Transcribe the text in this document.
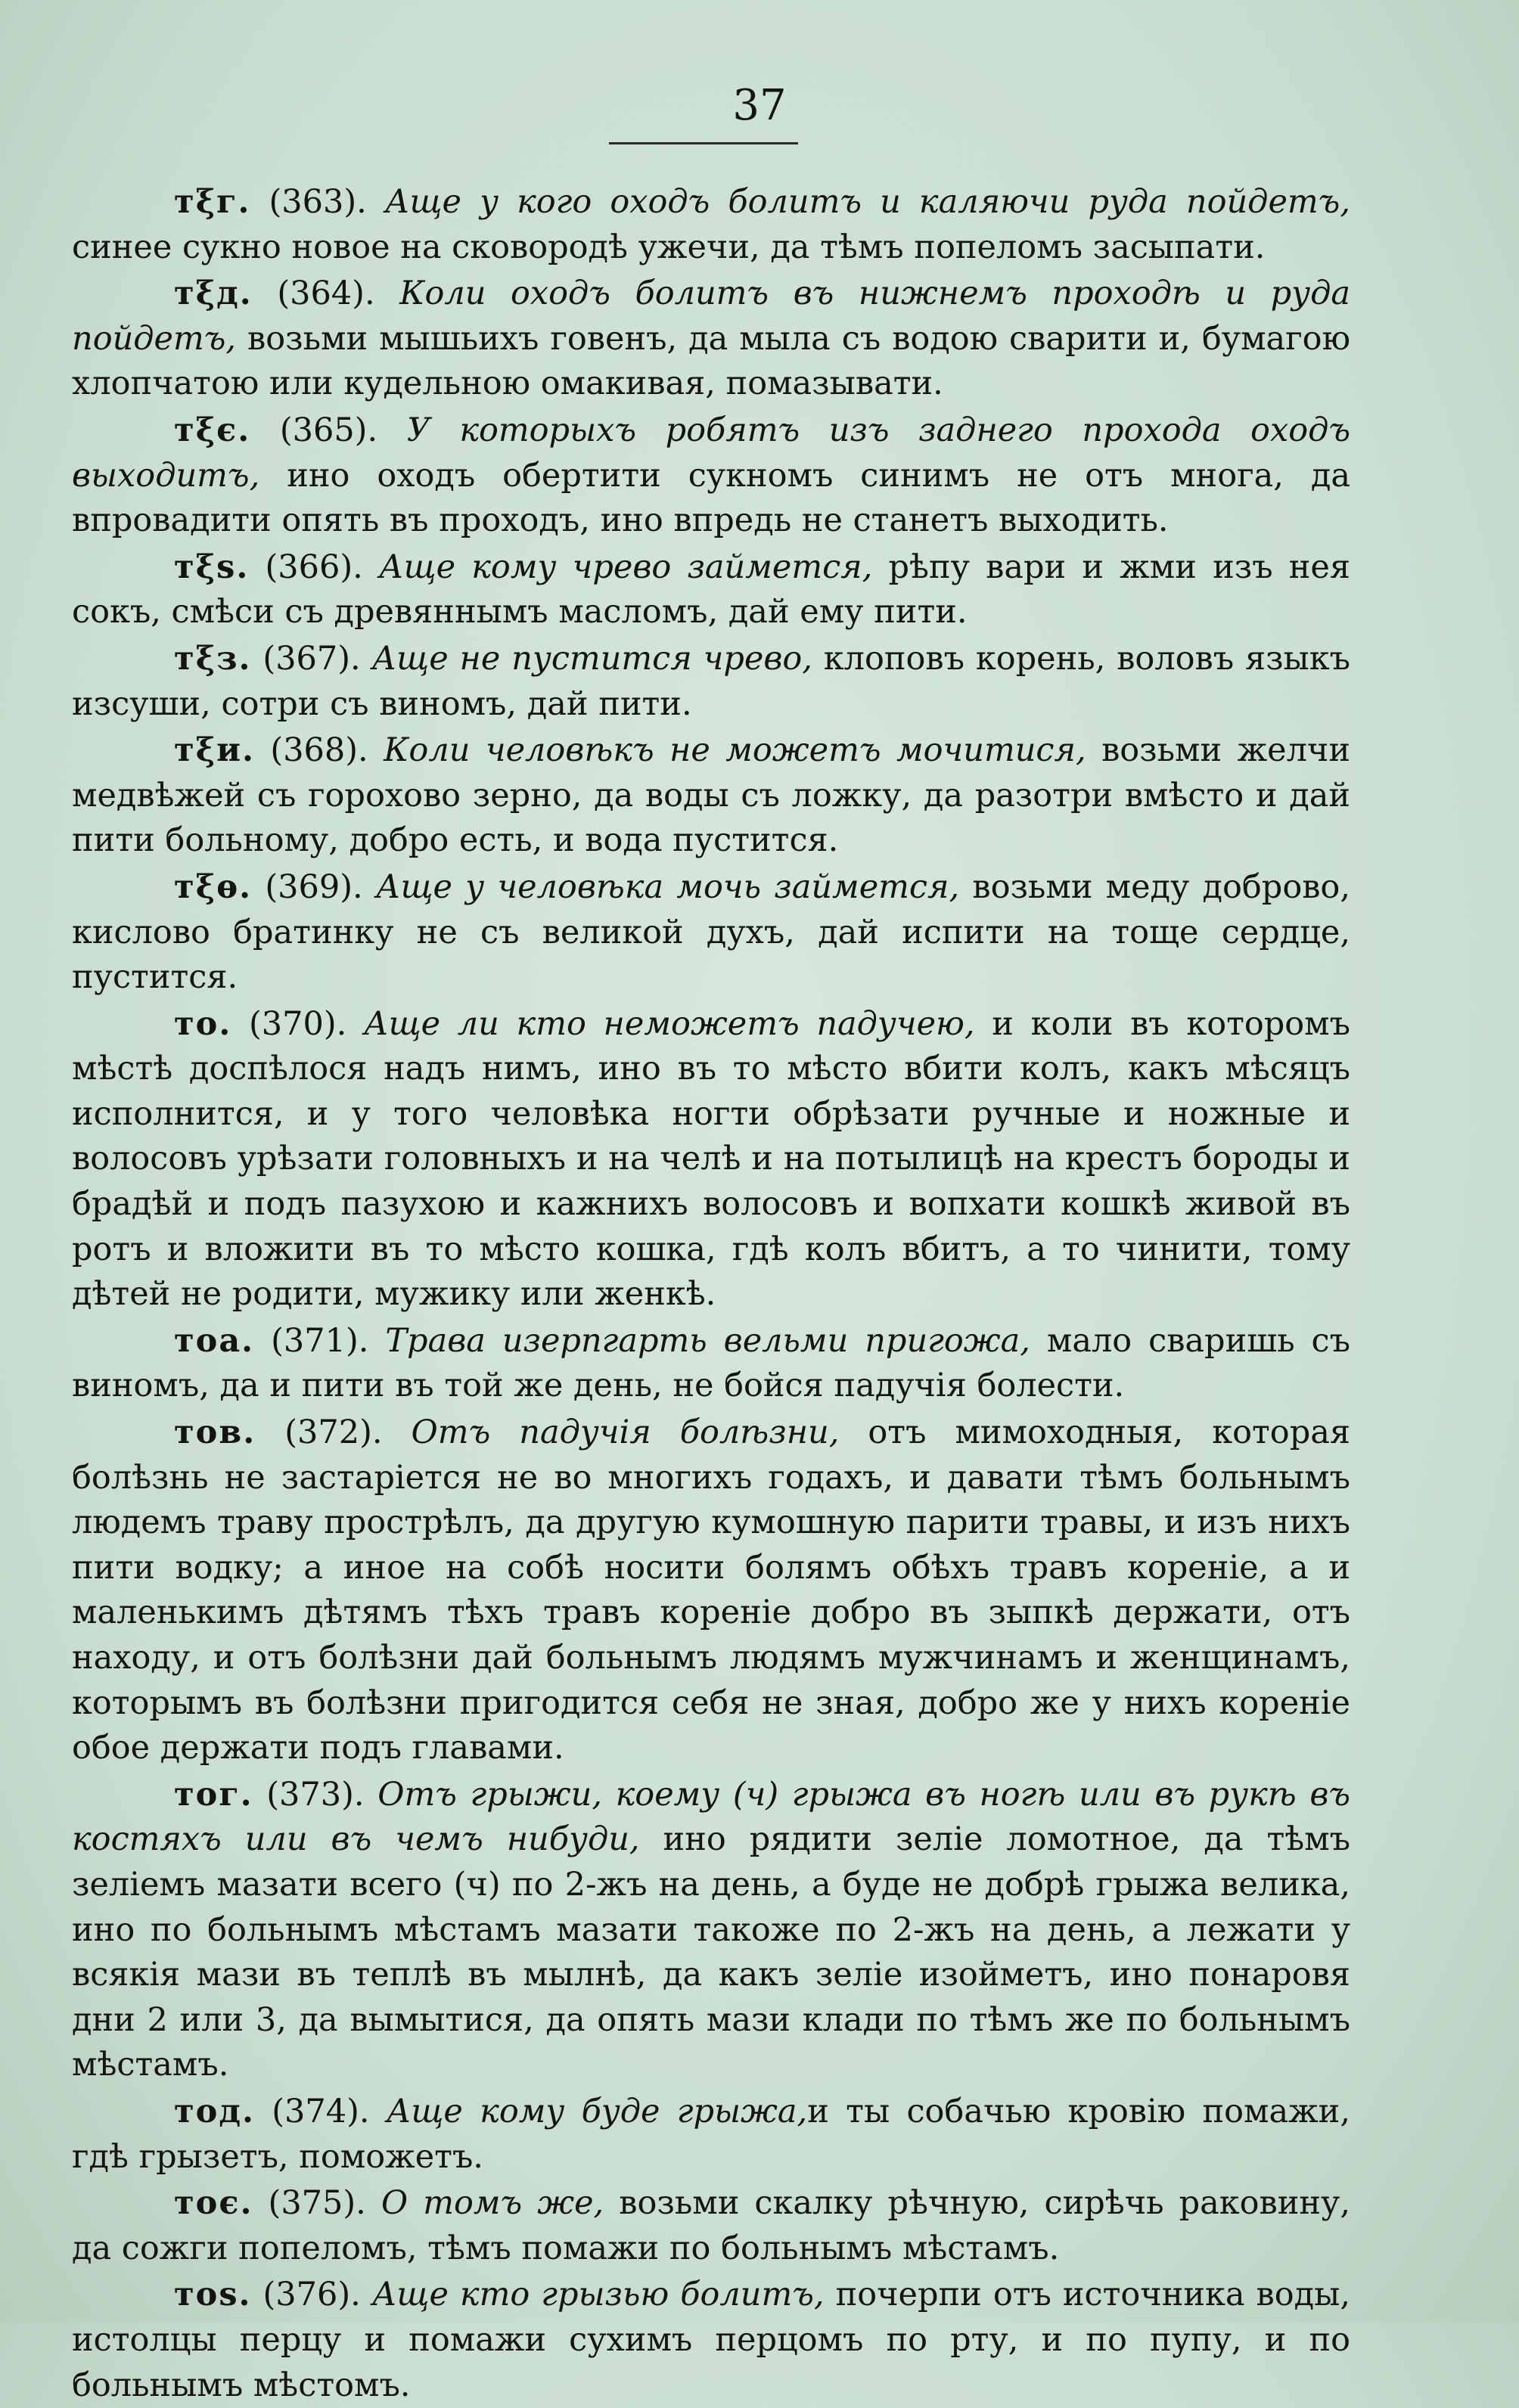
37

тξг. (363). Аще у кого оходъ болитъ и каляючи руда пойдетъ, синее сукно новое на сковородѣ ужечи, да тѣмъ попеломъ засыпати.

тξд. (364). Коли оходъ болитъ въ нижнемъ проходѣ и руда пойдетъ, возьми мышьихъ говенъ, да мыла съ водою сварити и, бумагою хлопчатою или кудельною омакивая, помазывати.

тξє. (365). У которыхъ робятъ изъ заднего прохода оходъ выходитъ, ино оходъ обертити сукномъ синимъ не отъ многа, да впровадити опять въ проходъ, ино впредь не станетъ выходить.

тξѕ. (366). Аще кому чрево займется, рѣпу вари и жми изъ нея сокъ, смѣси съ древяннымъ масломъ, дай ему пити.

тξз. (367). Аще не пустится чрево, клоповъ корень, воловъ языкъ изсуши, сотри съ виномъ, дай пити.

тξи. (368). Коли человѣкъ не можетъ мочитися, возьми желчи медвѣжей съ горохово зерно, да воды съ ложку, да разотри вмѣсто и дай пити больному, добро есть, и вода пустится.

тξѳ. (369). Аще у человѣка мочь займется, возьми меду доброво, кислово братинку не съ великой духъ, дай испити на тоще сердце, пустится.

то. (370). Аще ли кто неможетъ падучею, и коли въ которомъ мѣстѣ доспѣлося надъ нимъ, ино въ то мѣсто вбити колъ, какъ мѣсяцъ исполнится, и у того человѣка ногти обрѣзати ручные и ножные и волосовъ урѣзати головныхъ и на челѣ и на потылицѣ на крестъ бороды и брадѣй и подъ пазухою и кажнихъ волосовъ и вопхати кошкѣ живой въ ротъ и вложити въ то мѣсто кошка, гдѣ колъ вбитъ, а то чинити, тому дѣтей не родити, мужику или женкѣ.

тоа. (371). Трава изерпгарть вельми пригожа, мало сваришь съ виномъ, да и пити въ той же день, не бойся падучія болести.

тов. (372). Отъ падучія болѣзни, отъ мимоходныя, которая болѣзнь не застаріется не во многихъ годахъ, и давати тѣмъ больнымъ людемъ траву прострѣлъ, да другую кумошную парити травы, и изъ нихъ пити водку; а иное на собѣ носити болямъ обѣхъ травъ кореніе, а и маленькимъ дѣтямъ тѣхъ травъ кореніе добро въ зыпкѣ держати, отъ находу, и отъ болѣзни дай больнымъ людямъ мужчинамъ и женщинамъ, которымъ въ болѣзни пригодится себя не зная, добро же у нихъ кореніе обое держати подъ главами.

тог. (373). Отъ грыжи, коему (ч) грыжа въ ногѣ или въ рукѣ въ костяхъ или въ чемъ нибуди, ино рядити зеліе ломотное, да тѣмъ зеліемъ мазати всего (ч) по 2-жъ на день, а буде не добрѣ грыжа велика, ино по больнымъ мѣстамъ мазати такоже по 2-жъ на день, а лежати у всякія мази въ теплѣ въ мылнѣ, да какъ зеліе изойметъ, ино понаровя дни 2 или 3, да вымытися, да опять мази клади по тѣмъ же по больнымъ мѣстамъ.

тод. (374). Аще кому буде грыжа,и ты собачью кровію помажи, гдѣ грызетъ, поможетъ.

тоє. (375). О томъ же, возьми скалку рѣчную, сирѣчь раковину, да сожги попеломъ, тѣмъ помажи по больнымъ мѣстамъ.

тоѕ. (376). Аще кто грызью болитъ, почерпи отъ источника воды, истолцы перцу и помажи сухимъ перцомъ по рту, и по пупу, и по больнымъ мѣстомъ.
